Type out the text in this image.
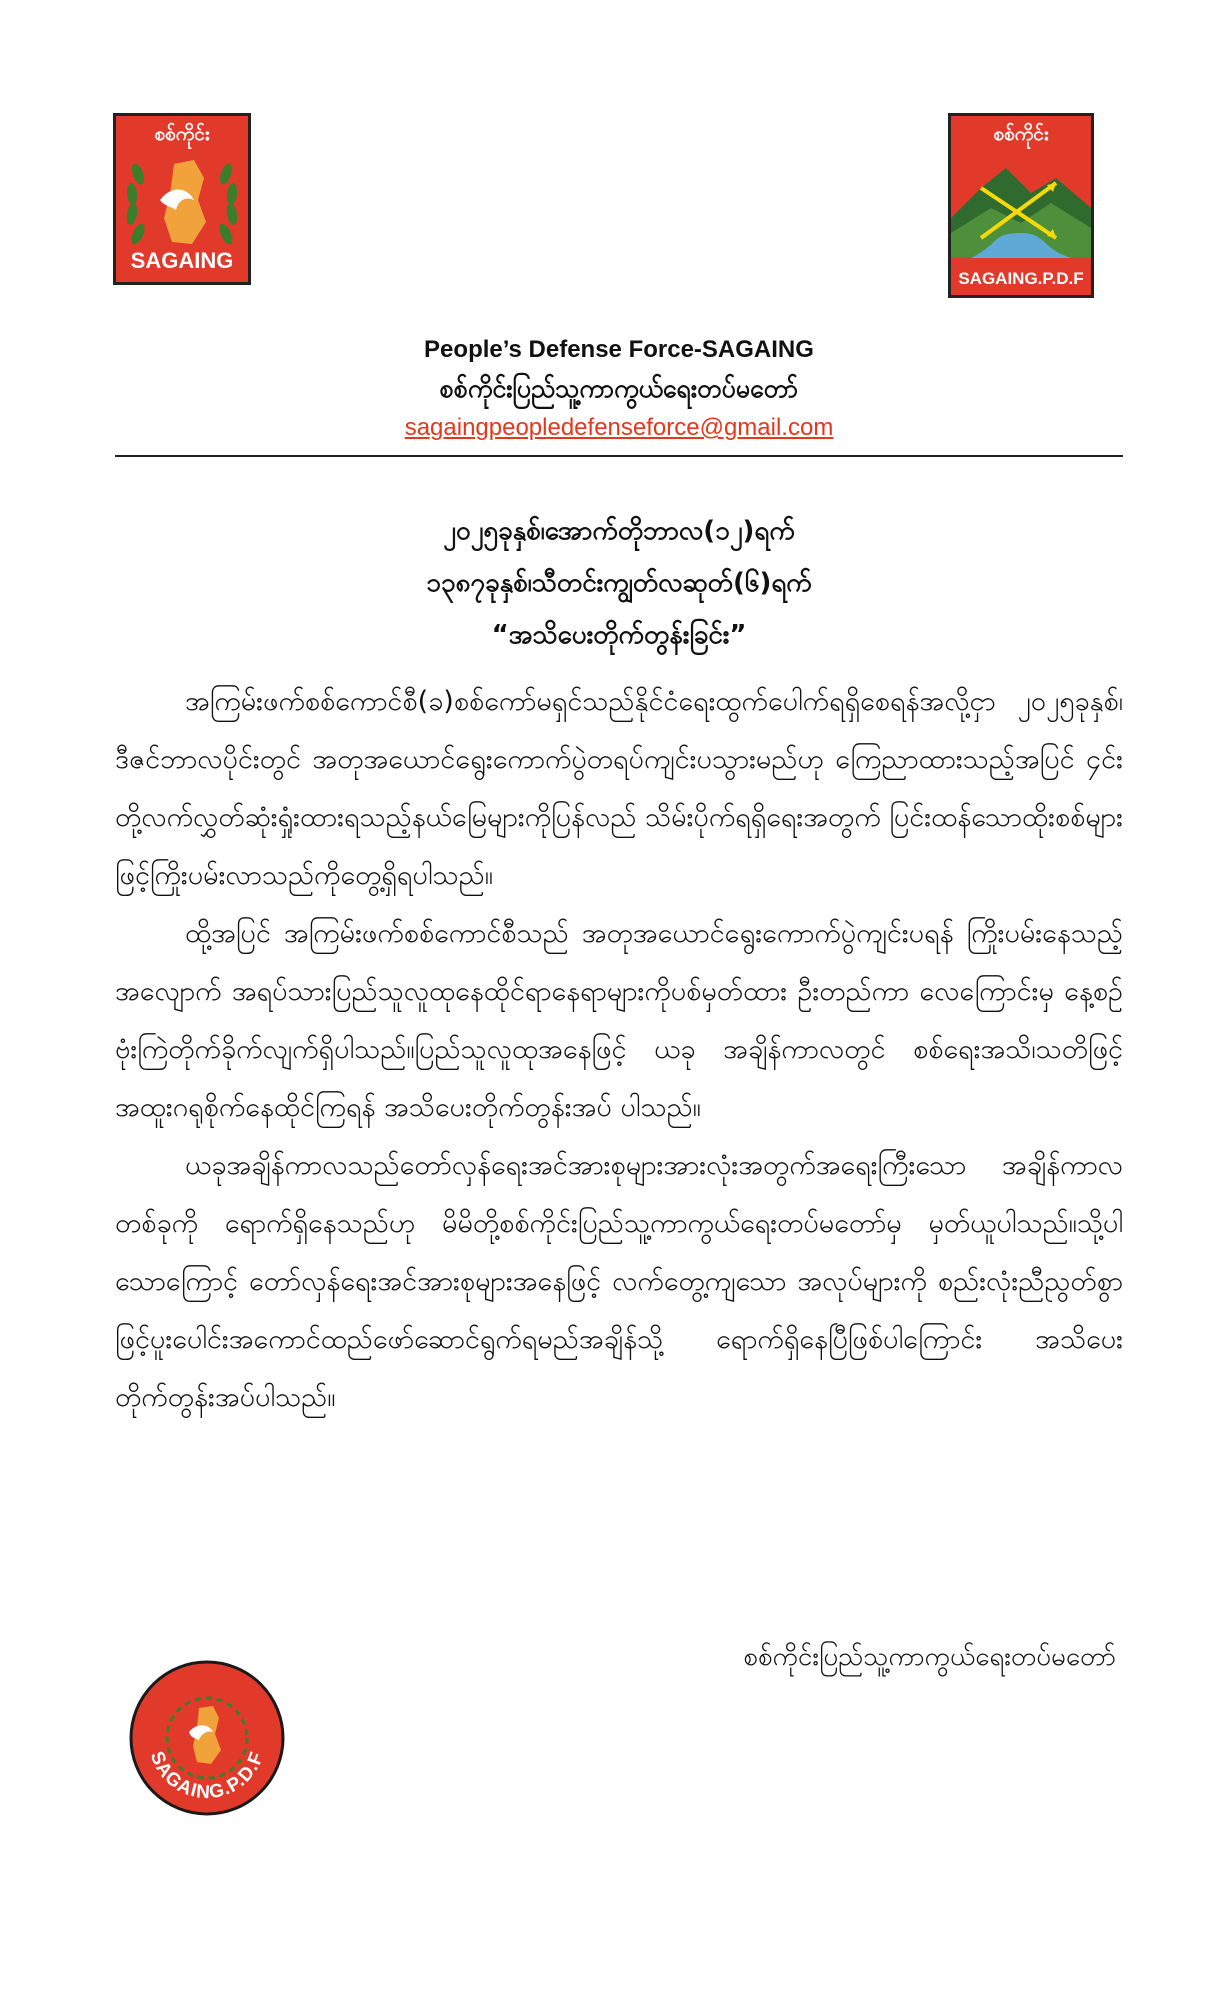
စစ်ကိုင်း
SAGAING
စစ်ကိုင်း
SAGAING.P.D.F
People’s Defense Force-SAGAING
စစ်ကိုင်းပြည်သူ့ကာကွယ်ရေးတပ်မတော်
sagaingpeopledefenseforce@gmail.com
၂၀၂၅ခုနှစ်၊အောက်တိုဘာလ(၁၂)ရက်
၁၃၈၇ခုနှစ်၊သီတင်းကျွတ်လဆုတ်(၆)ရက်
“အသိပေးတိုက်တွန်းခြင်း”

အကြမ်းဖက်စစ်ကောင်စီ(ခ)စစ်ကော်မရှင်သည်နိုင်ငံရေးထွက်ပေါက်ရရှိစေရန်အလို့ငှာ ၂၀၂၅ခုနှစ်၊ဒီဇင်ဘာလပိုင်းတွင် အတုအယောင်ရွေးကောက်ပွဲတရပ်ကျင်းပသွားမည်ဟု ကြေညာထားသည့်အပြင် ၄င်းတို့လက်လွှတ်ဆုံးရှုံးထားရသည့်နယ်မြေများကိုပြန်လည် သိမ်းပိုက်ရရှိရေးအတွက် ပြင်းထန်သောထိုးစစ်များဖြင့်ကြိုးပမ်းလာသည်ကိုတွေ့ရှိရပါသည်။

ထို့အပြင် အကြမ်းဖက်စစ်ကောင်စီသည် အတုအယောင်ရွေးကောက်ပွဲကျင်းပရန် ကြိုးပမ်းနေသည့်အလျောက် အရပ်သားပြည်သူလူထုနေထိုင်ရာနေရာများကိုပစ်မှတ်ထား ဦးတည်ကာ လေကြောင်းမှ နေ့စဉ်ဗုံးကြဲတိုက်ခိုက်လျက်ရှိပါသည်။ပြည်သူလူထုအနေဖြင့် ယခု အချိန်ကာလတွင် စစ်ရေးအသိ၊သတိဖြင့်အထူးဂရုစိုက်နေထိုင်ကြရန် အသိပေးတိုက်တွန်းအပ် ပါသည်။

ယခုအချိန်ကာလသည်တော်လှန်ရေးအင်အားစုများအားလုံးအတွက်အရေးကြီးသော အချိန်ကာလတစ်ခုကို ရောက်ရှိနေသည်ဟု မိမိတို့စစ်ကိုင်းပြည်သူ့ကာကွယ်ရေးတပ်မတော်မှ မှတ်ယူပါသည်။သို့ပါသောကြောင့် တော်လှန်ရေးအင်အားစုများအနေဖြင့် လက်တွေ့ကျသော အလုပ်များကို စည်းလုံးညီညွတ်စွာဖြင့်ပူးပေါင်းအကောင်ထည်ဖော်ဆောင်ရွက်ရမည်အချိန်သို့ ရောက်ရှိနေပြီဖြစ်ပါကြောင်း အသိပေးတိုက်တွန်းအပ်ပါသည်။

စစ်ကိုင်းပြည်သူ့ကာကွယ်ရေးတပ်မတော်
SAGAING.P.D.F
